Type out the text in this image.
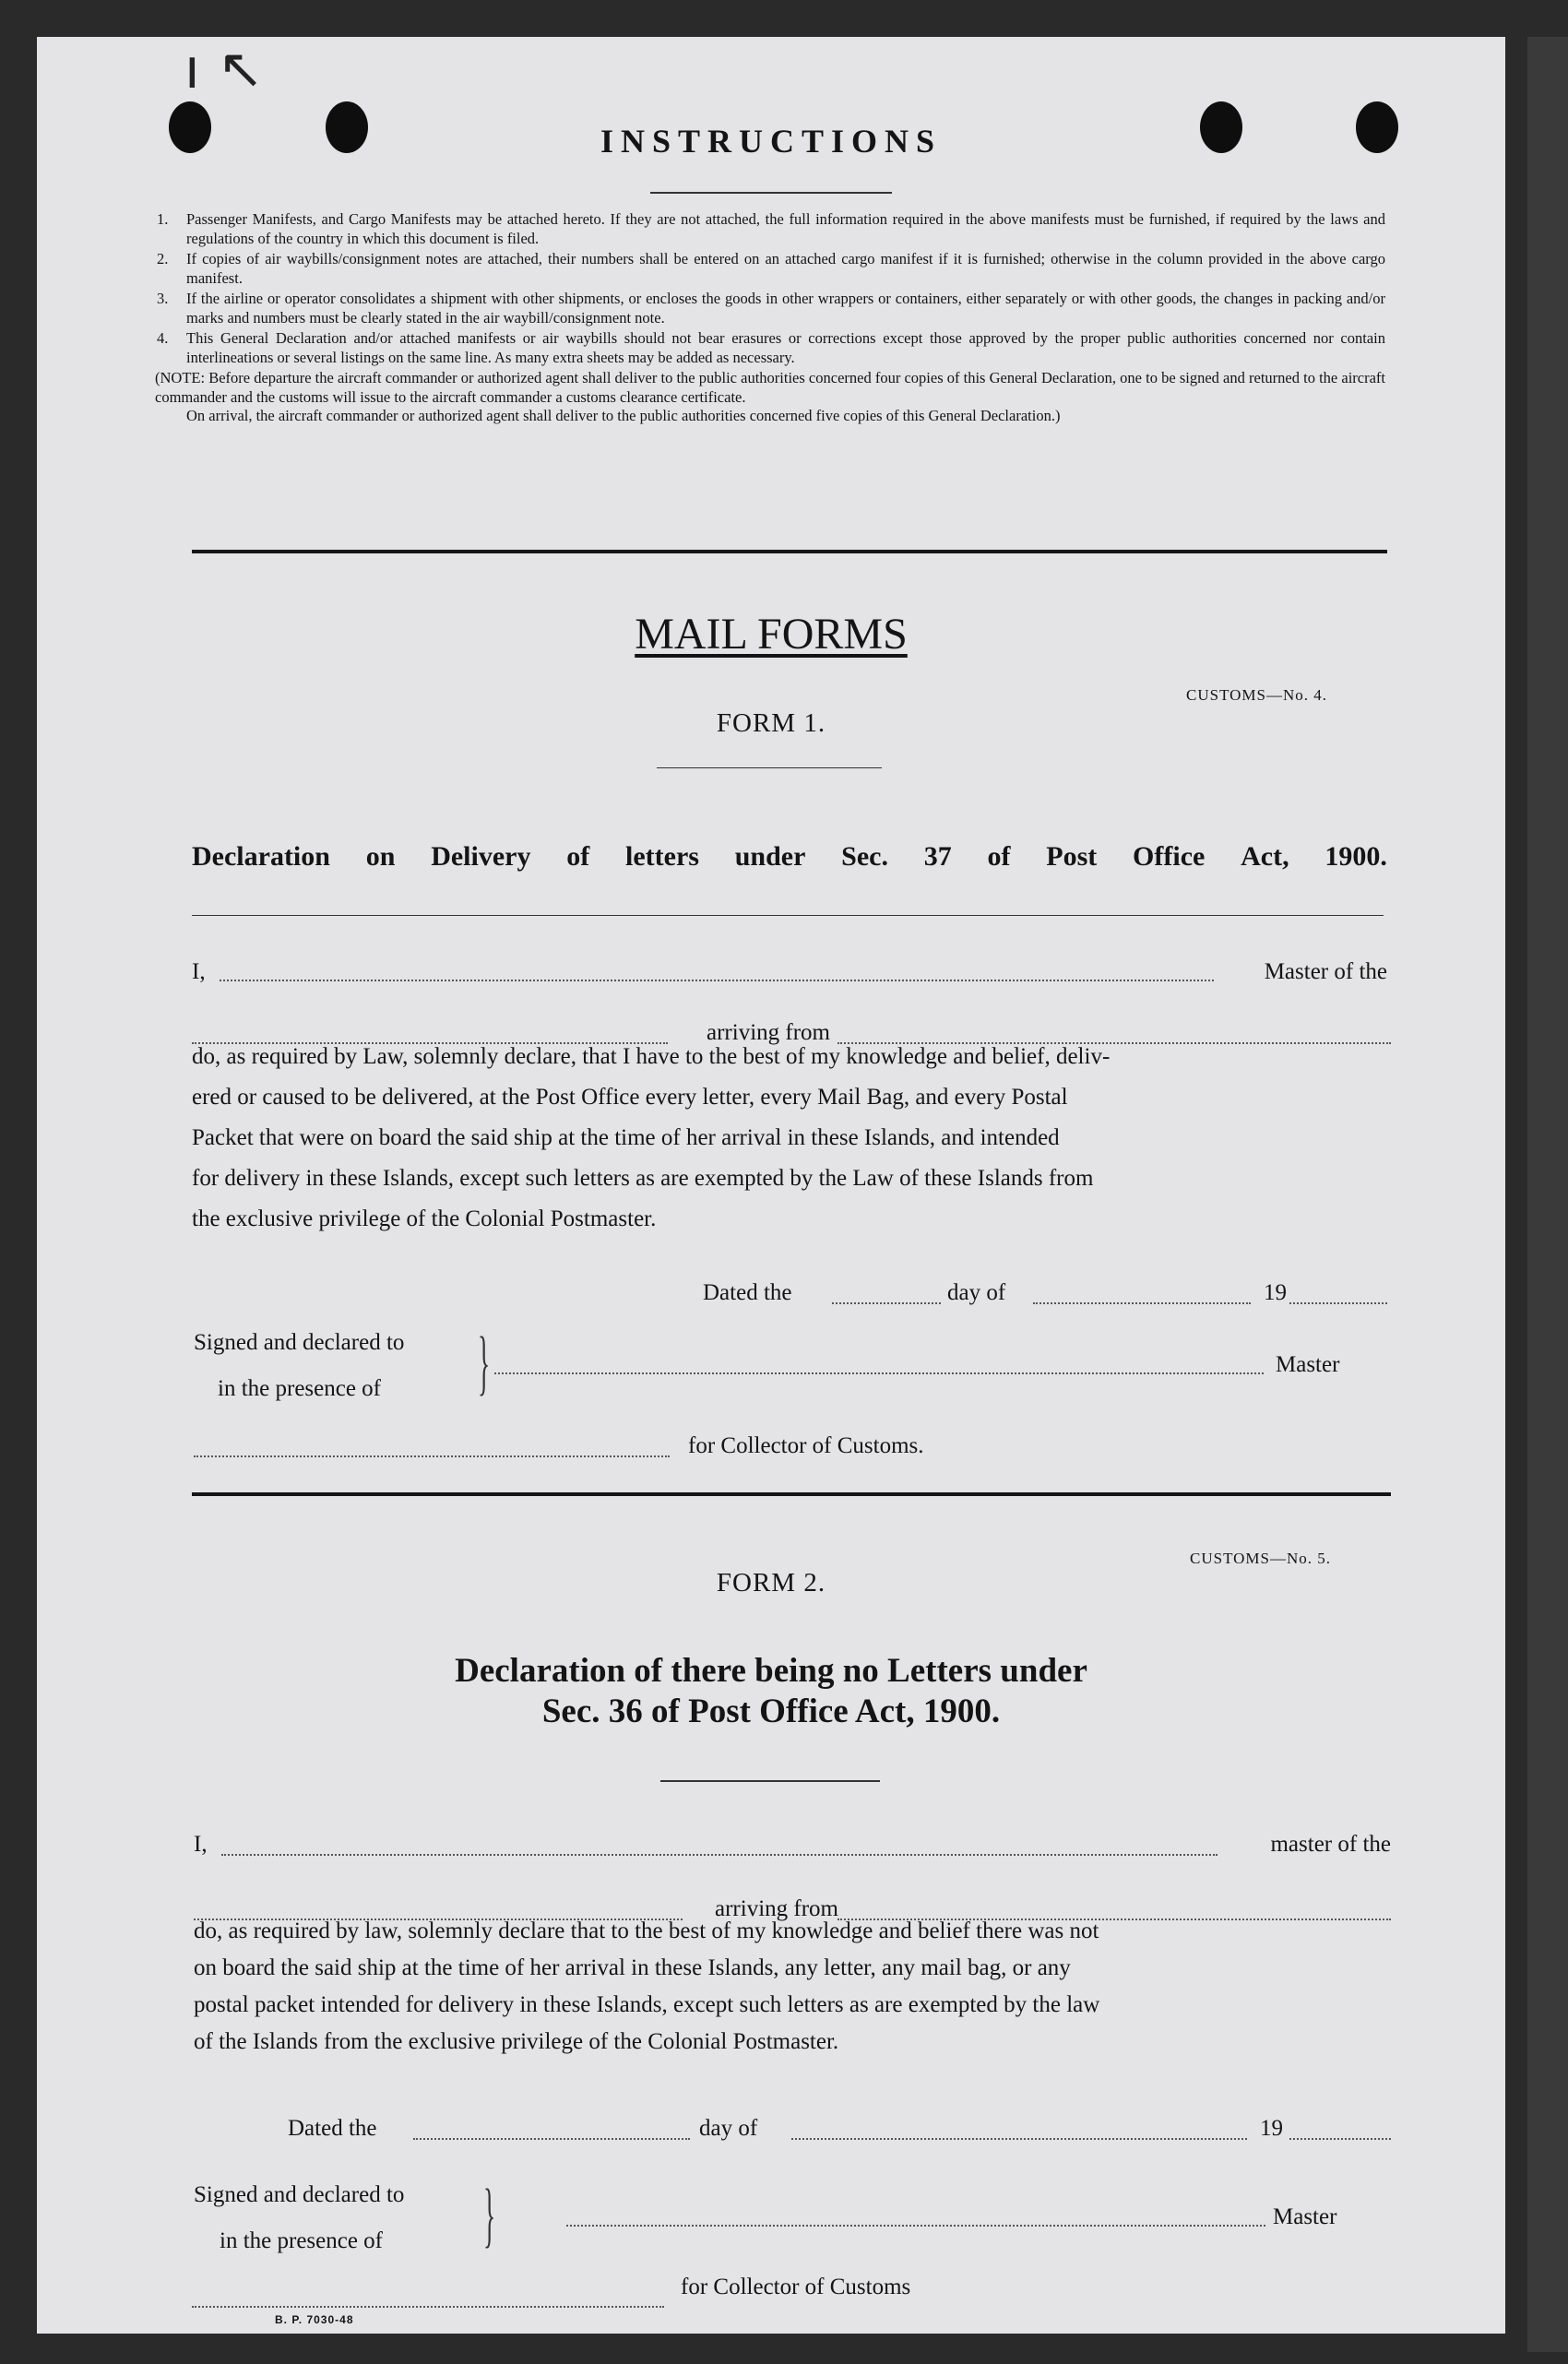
ı ↖
INSTRUCTIONS

1.	Passenger Manifests, and Cargo Manifests may be attached hereto. If they are not attached, the full information required in the above manifests must be furnished, if required by the laws and regulations of the country in which this document is filed.

2.	If copies of air waybills/consignment notes are attached, their numbers shall be entered on an attached cargo manifest if it is furnished; otherwise in the column provided in the above cargo manifest.

3.	If the airline or operator consolidates a shipment with other shipments, or encloses the goods in other wrappers or containers, either separately or with other goods, the changes in packing and/or marks and numbers must be clearly stated in the air waybill/consignment note.

4.	This General Declaration and/or attached manifests or air waybills should not bear erasures or corrections except those approved by the proper public authorities concerned nor contain interlineations or several listings on the same line. As many extra sheets may be added as necessary.

(NOTE: Before departure the aircraft commander or authorized agent shall deliver to the public authorities concerned four copies of this General Declaration, one to be signed and returned to the aircraft commander and the customs will issue to the aircraft commander a customs clearance certificate.

On arrival, the aircraft commander or authorized agent shall deliver to the public authorities concerned five copies of this General Declaration.)

MAIL FORMS
CUSTOMS—No. 4.
FORM 1.
Declaration on Delivery of letters under Sec. 37 of Post Office Act, 1900.
I,	Master of the
arriving from
do, as required by Law, solemnly declare, that I have to the best of my knowledge and belief, deliv-
ered or caused to be delivered, at the Post Office every letter, every Mail Bag, and every Postal
Packet that were on board the said ship at the time of her arrival in these Islands, and intended
for delivery in these Islands, except such letters as are exempted by the Law of these Islands from
the exclusive privilege of the Colonial Postmaster.
Dated the	day of	19
Signed and declared to
in the presence of }	Master
for Collector of Customs.
CUSTOMS—No. 5.
FORM 2.
Declaration of there being no Letters under
Sec. 36 of Post Office Act, 1900.
I,	master of the
arriving from
do, as required by law, solemnly declare that to the best of my knowledge and belief there was not
on board the said ship at the time of her arrival in these Islands, any letter, any mail bag, or any
postal packet intended for delivery in these Islands, except such letters as are exempted by the law
of the Islands from the exclusive privilege of the Colonial Postmaster.
Dated the	day of	19
Signed and declared to
in the presence of }	Master
for Collector of Customs
B. P. 7030-48
